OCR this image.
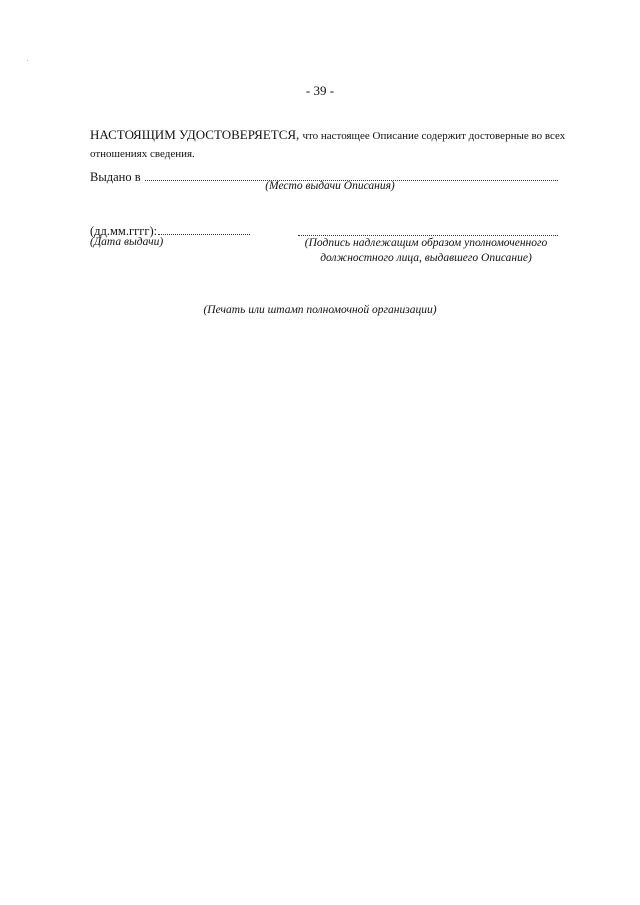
- 39 -
НАСТОЯЩИМ УДОСТОВЕРЯЕТСЯ, что настоящее Описание содержит достоверные во всех отношениях сведения.
Выдано в
(Место выдачи Описания)
(дд.мм.гггг):
(Дата выдачи)	(Подпись надлежащим образом уполномоченного должностного лица, выдавшего Описание)
(Печать или штамп полномочной организации)
